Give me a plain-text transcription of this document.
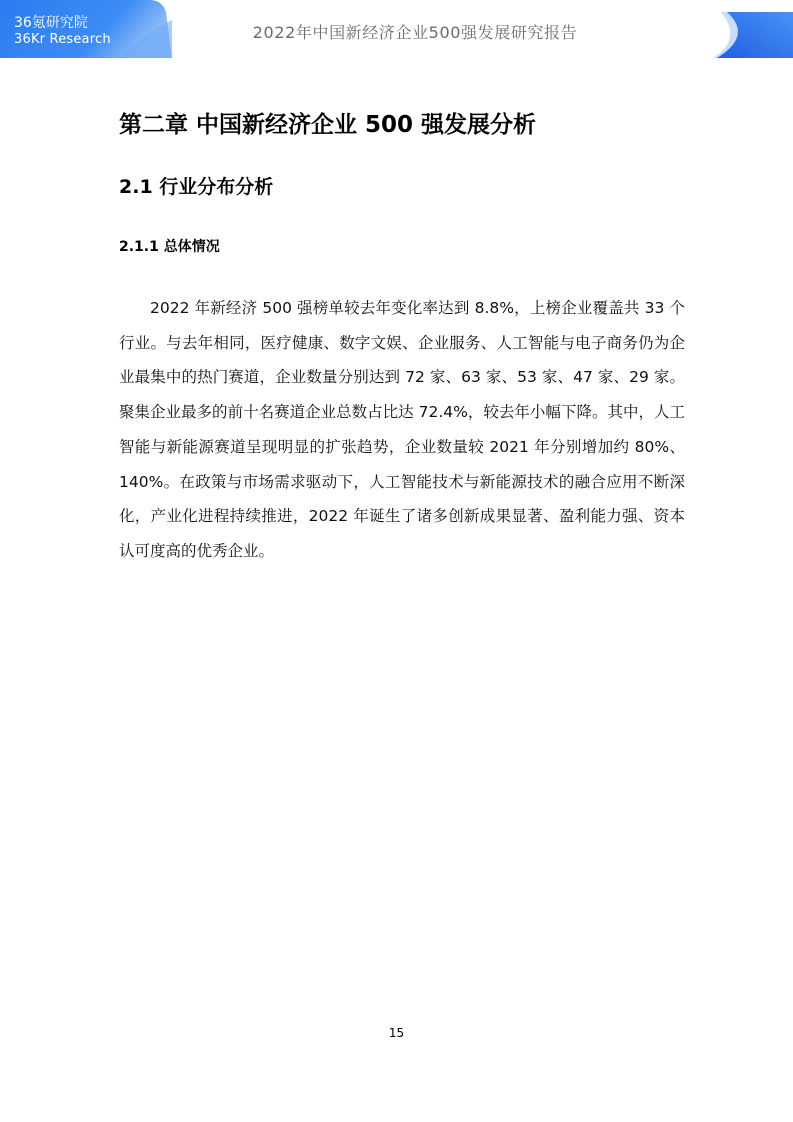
36氪研究院
36Kr Research	2022年中国新经济企业500强发展研究报告
第二章 中国新经济企业 500 强发展分析
2.1 行业分布分析
2.1.1 总体情况

2022 年新经济 500 强榜单较去年变化率达到 8.8%，上榜企业覆盖共 33 个行业。与去年相同，医疗健康、数字文娱、企业服务、人工智能与电子商务仍为企业最集中的热门赛道，企业数量分别达到 72 家、63 家、53 家、47 家、29 家。聚集企业最多的前十名赛道企业总数占比达 72.4%，较去年小幅下降。其中，人工智能与新能源赛道呈现明显的扩张趋势，企业数量较 2021 年分别增加约 80%、140%。在政策与市场需求驱动下，人工智能技术与新能源技术的融合应用不断深化，产业化进程持续推进，2022 年诞生了诸多创新成果显著、盈利能力强、资本认可度高的优秀企业。

15
